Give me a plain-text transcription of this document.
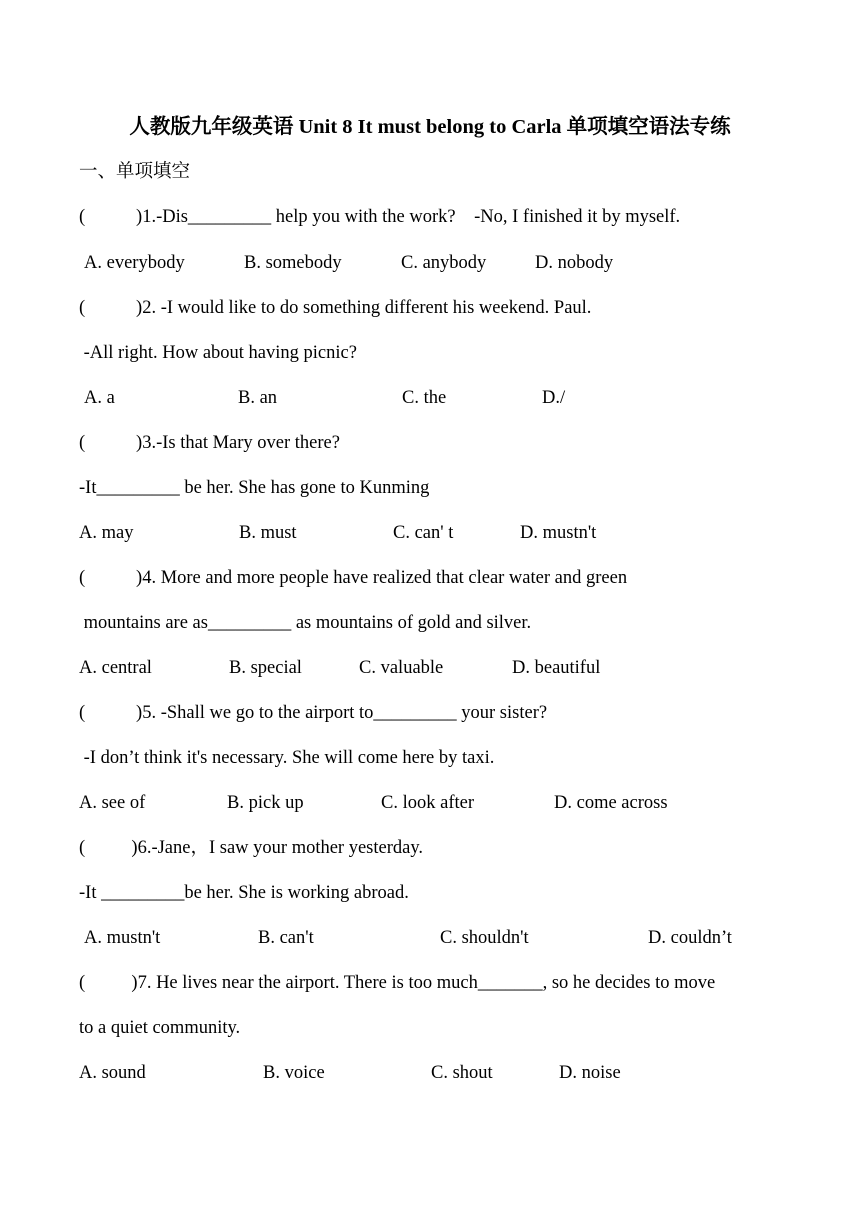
人教版九年级英语 Unit 8 It must belong to Carla 单项填空语法专练
一、单项填空
(           )1.-Dis_________ help you with the work?    -No, I finished it by myself.
A. everybody	B. somebody	C. anybody	D. nobody
(           )2. -I would like to do something different his weekend. Paul.
-All right. How about having picnic?
A. a	B. an	C. the	D./
(           )3.-Is that Mary over there?
-It_________ be her. She has gone to Kunming
A. may	B. must	C. can' t	D. mustn't
(           )4. More and more people have realized that clear water and green
mountains are as_________ as mountains of gold and silver.
A. central	B. special	C. valuable	D. beautiful
(           )5. -Shall we go to the airport to_________ your sister?
-I don’t think it's necessary. She will come here by taxi.
A. see of	B. pick up	C. look after	D. come across
(          )6.-Jane，I saw your mother yesterday.
-It _________be her. She is working abroad.
A. mustn't	B. can't	C. shouldn't	D. couldn’t
(          )7. He lives near the airport. There is too much_______, so he decides to move
to a quiet community.
A. sound	B. voice	C. shout	D. noise
